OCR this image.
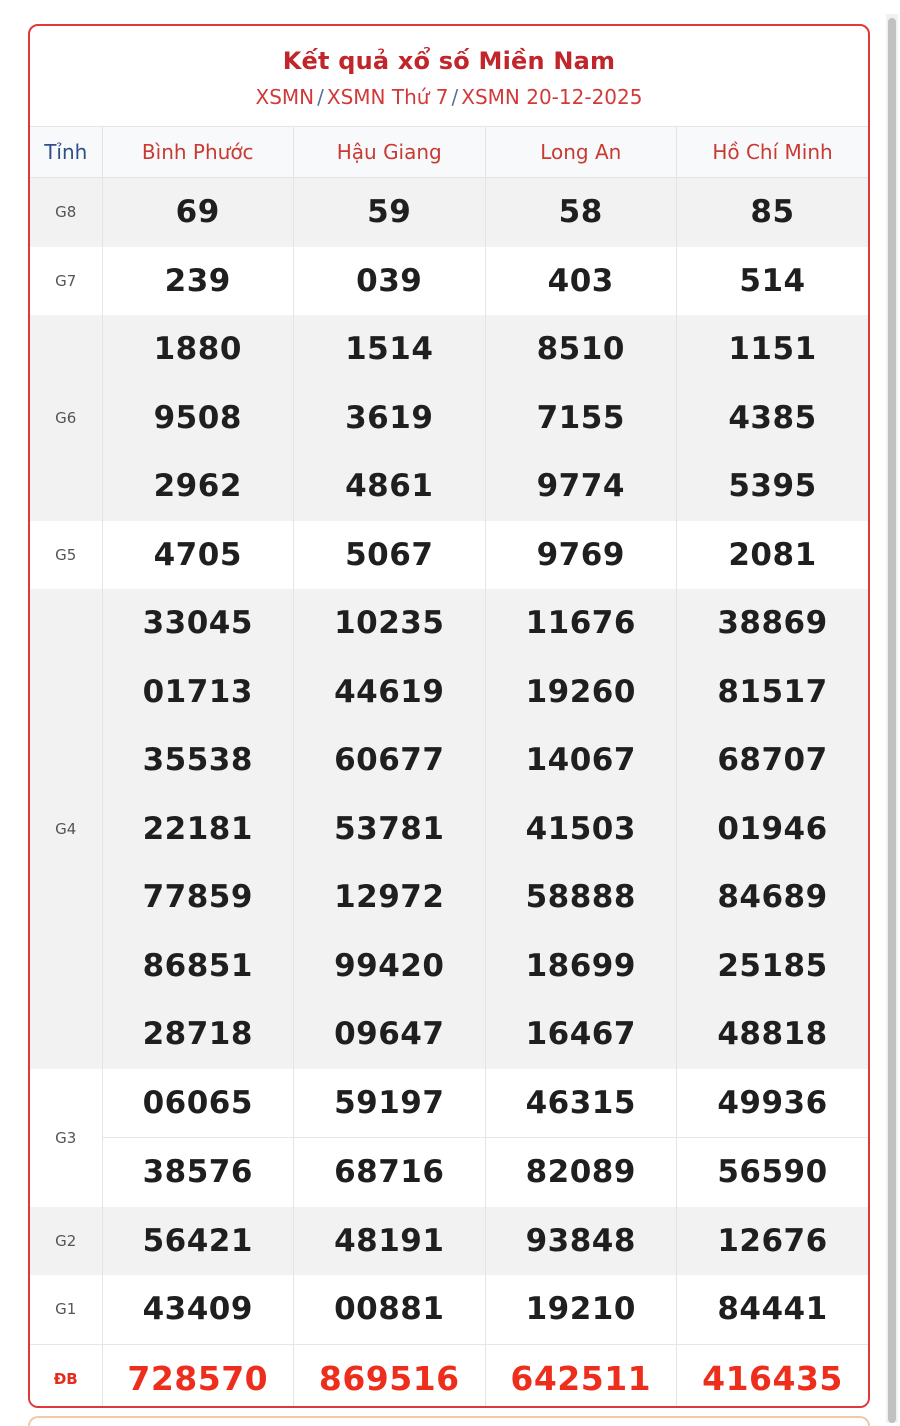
Kết quả xổ số Miền Nam
XSMN / XSMN Thứ 7 / XSMN 20-12-2025
Tỉnh	Bình Phước	Hậu Giang	Long An	Hồ Chí Minh
G8	69	59	58	85
G7	239	039	403	514
G6	1880	1514	8510	1151
	9508	3619	7155	4385
	2962	4861	9774	5395
G5	4705	5067	9769	2081
G4	33045	10235	11676	38869
	01713	44619	19260	81517
	35538	60677	14067	68707
	22181	53781	41503	01946
	77859	12972	58888	84689
	86851	99420	18699	25185
	28718	09647	16467	48818
G3	06065	59197	46315	49936
	38576	68716	82089	56590
G2	56421	48191	93848	12676
G1	43409	00881	19210	84441
ĐB	728570	869516	642511	416435
